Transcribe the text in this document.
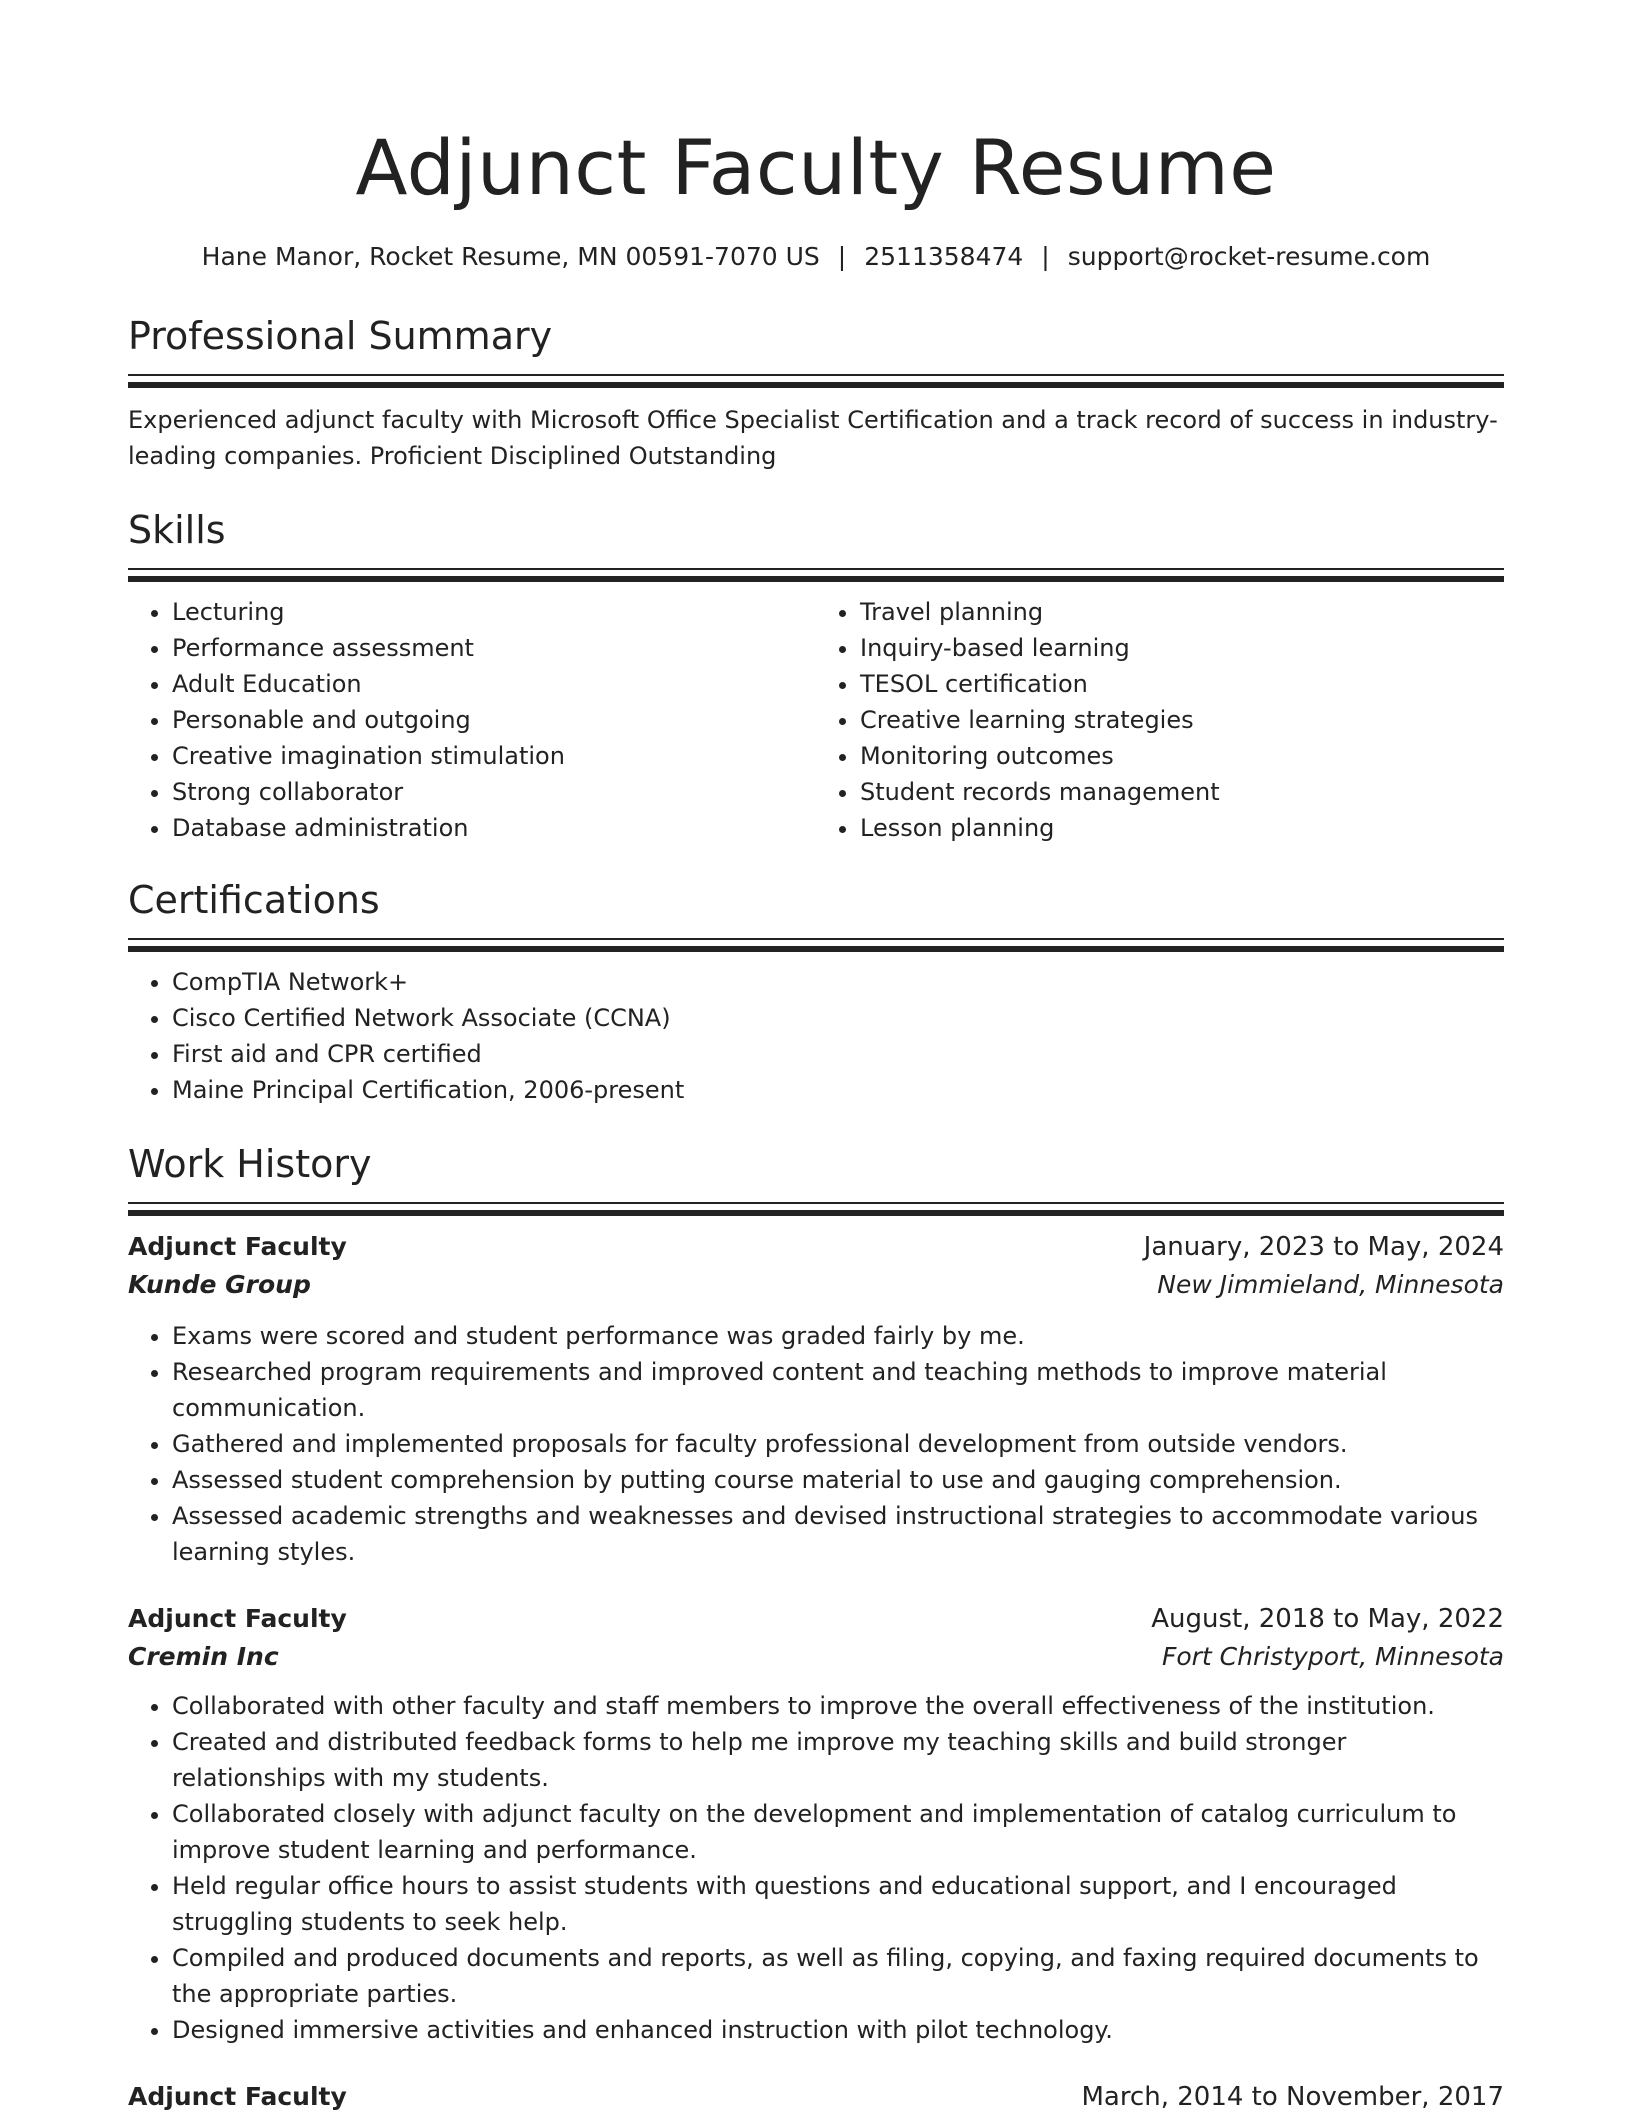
Adjunct Faculty Resume
Hane Manor, Rocket Resume, MN 00591-7070 US | 2511358474 | support@rocket-resume.com
Professional Summary

Experienced adjunct faculty with Microsoft Office Specialist Certification and a track record of success in industry-leading companies. Proficient Disciplined Outstanding

Skills
• Lecturing
• Performance assessment
• Adult Education
• Personable and outgoing
• Creative imagination stimulation
• Strong collaborator
• Database administration
• Travel planning
• Inquiry-based learning
• TESOL certification
• Creative learning strategies
• Monitoring outcomes
• Student records management
• Lesson planning
Certifications
• CompTIA Network+
• Cisco Certified Network Associate (CCNA)
• First aid and CPR certified
• Maine Principal Certification, 2006-present
Work History
Adjunct Faculty	January, 2023 to May, 2024
Kunde Group	New Jimmieland, Minnesota
• Exams were scored and student performance was graded fairly by me.
• Researched program requirements and improved content and teaching methods to improve material communication.
• Gathered and implemented proposals for faculty professional development from outside vendors.
• Assessed student comprehension by putting course material to use and gauging comprehension.
• Assessed academic strengths and weaknesses and devised instructional strategies to accommodate various learning styles.
Adjunct Faculty	August, 2018 to May, 2022
Cremin Inc	Fort Christyport, Minnesota
• Collaborated with other faculty and staff members to improve the overall effectiveness of the institution.
• Created and distributed feedback forms to help me improve my teaching skills and build stronger relationships with my students.
• Collaborated closely with adjunct faculty on the development and implementation of catalog curriculum to improve student learning and performance.
• Held regular office hours to assist students with questions and educational support, and I encouraged struggling students to seek help.
• Compiled and produced documents and reports, as well as filing, copying, and faxing required documents to the appropriate parties.
• Designed immersive activities and enhanced instruction with pilot technology.
Adjunct Faculty	March, 2014 to November, 2017
